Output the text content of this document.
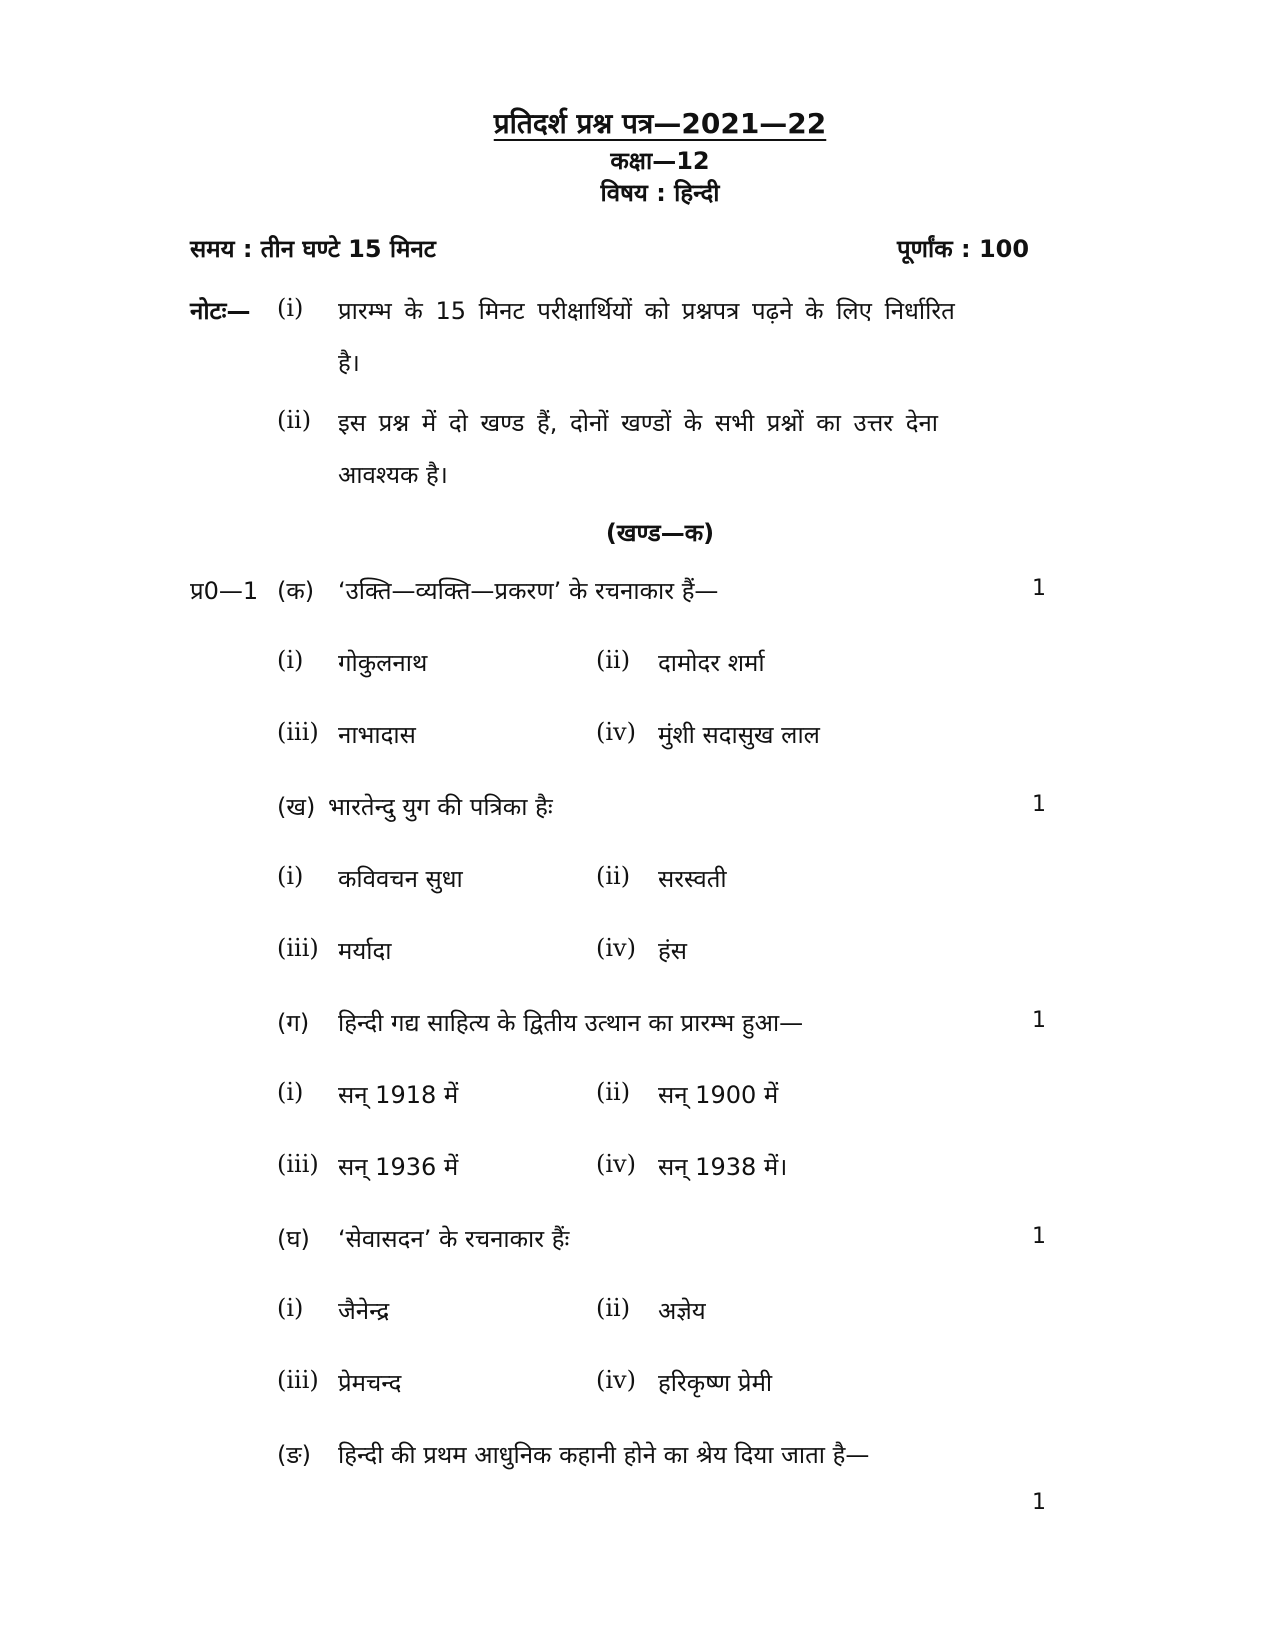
प्रतिदर्श प्रश्न पत्र—2021—22
कक्षा—12
विषय : हिन्दी
समय : तीन घण्टे 15 मिनट	पूर्णांक : 100
नोटः— (i) प्रारम्भ के 15 मिनट परीक्षार्थियों को प्रश्नपत्र पढ़ने के लिए निर्धारित
है।
(ii) इस प्रश्न में दो खण्ड हैं, दोनों खण्डों के सभी प्रश्नों का उत्तर देना
आवश्यक है।
(खण्ड—क)
प्र0—1 (क) ‘उक्ति—व्यक्ति—प्रकरण’ के रचनाकार हैं—	1
(i) गोकुलनाथ	(ii) दामोदर शर्मा
(iii) नाभादास	(iv) मुंशी सदासुख लाल
(ख) भारतेन्दु युग की पत्रिका हैः	1
(i) कविवचन सुधा	(ii) सरस्वती
(iii) मर्यादा	(iv) हंस
(ग) हिन्दी गद्य साहित्य के द्वितीय उत्थान का प्रारम्भ हुआ—	1
(i) सन् 1918 में	(ii) सन् 1900 में
(iii) सन् 1936 में	(iv) सन् 1938 में।
(घ) ‘सेवासदन’ के रचनाकार हैंः	1
(i) जैनेन्द्र	(ii) अज्ञेय
(iii) प्रेमचन्द	(iv) हरिकृष्ण प्रेमी
(ङ) हिन्दी की प्रथम आधुनिक कहानी होने का श्रेय दिया जाता है—
1
